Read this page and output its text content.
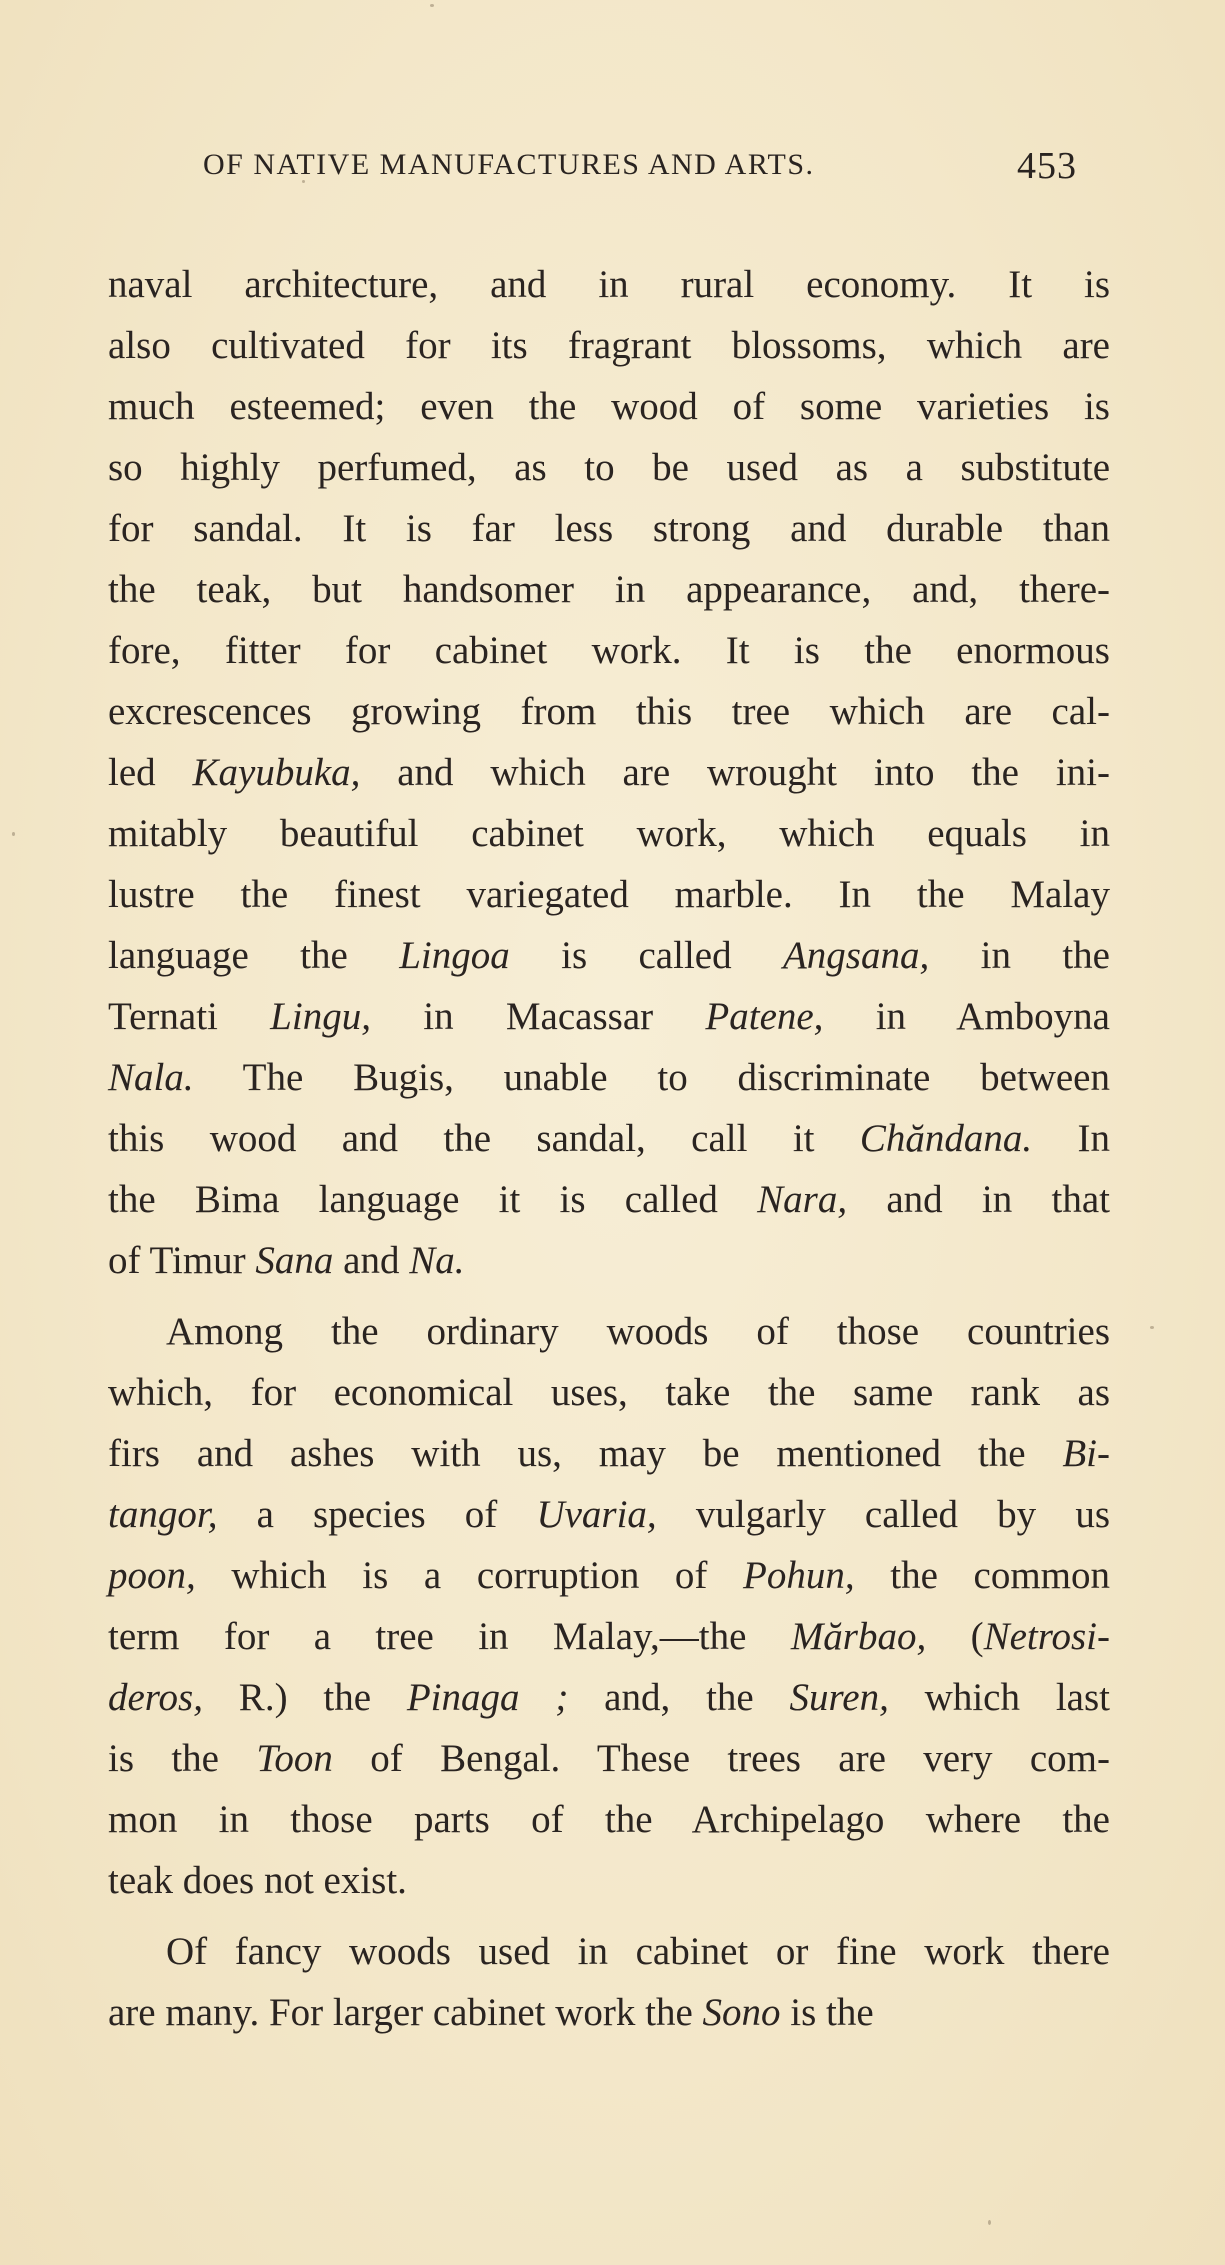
OF NATIVE MANUFACTURES AND ARTS.	453
naval architecture, and in rural economy. It is
also cultivated for its fragrant blossoms, which are
much esteemed; even the wood of some varieties is
so highly perfumed, as to be used as a substitute
for sandal. It is far less strong and durable than
the teak, but handsomer in appearance, and, there-
fore, fitter for cabinet work. It is the enormous
excrescences growing from this tree which are cal-
led Kayubuka, and which are wrought into the ini-
mitably beautiful cabinet work, which equals in
lustre the finest variegated marble. In the Malay
language the Lingoa is called Angsana, in the
Ternati Lingu, in Macassar Patene, in Amboyna
Nala. The Bugis, unable to discriminate between
this wood and the sandal, call it Chăndana. In
the Bima language it is called Nara, and in that
of Timur Sana and Na.
Among the ordinary woods of those countries
which, for economical uses, take the same rank as
firs and ashes with us, may be mentioned the Bi-
tangor, a species of Uvaria, vulgarly called by us
poon, which is a corruption of Pohun, the common
term for a tree in Malay,—the Mărbao, (Netrosi-
deros, R.) the Pinaga ; and, the Suren, which last
is the Toon of Bengal. These trees are very com-
mon in those parts of the Archipelago where the
teak does not exist.
Of fancy woods used in cabinet or fine work there
are many. For larger cabinet work the Sono is the
